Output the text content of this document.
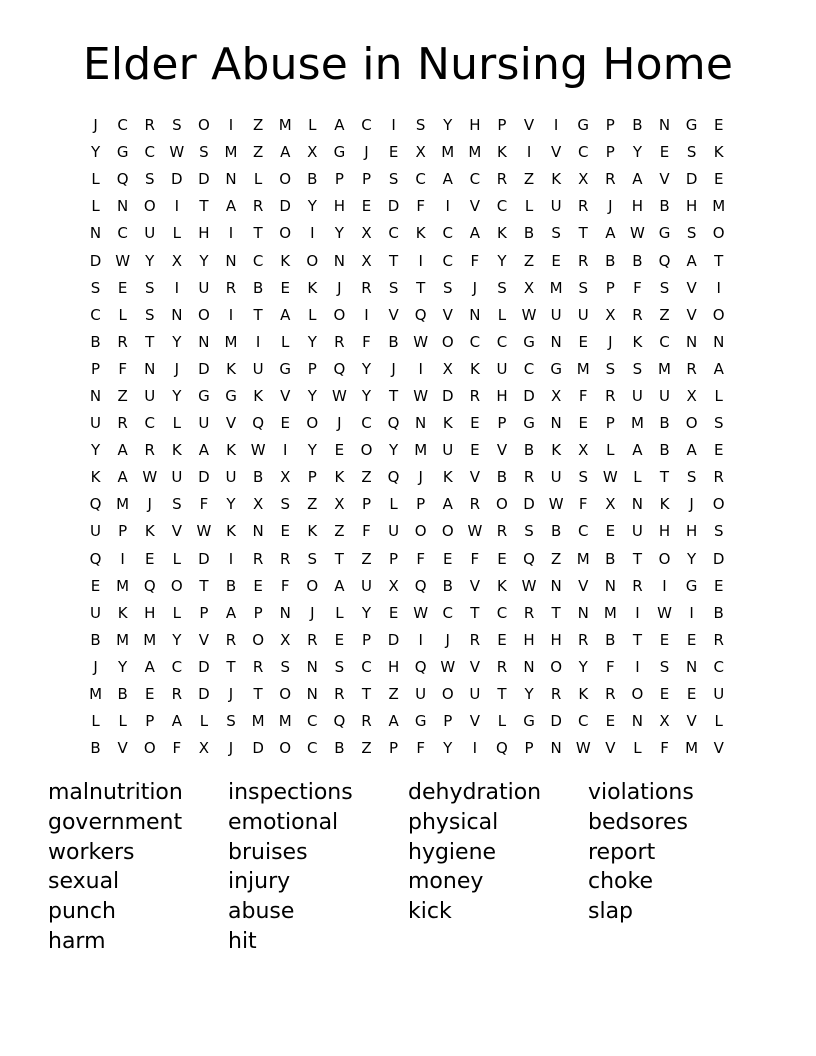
Elder Abuse in Nursing Home
J	C	R	S	O	I	Z	M	L	A	C	I	S	Y	H	P	V	I	G	P	B	N	G	E
Y	G	C W S	M	Z	A	X	G	J	E	X	M M	K	I	V	C	P	Y	E	S	K
L	Q	S	D	D	N	L	O	B	P	P	S	C	A	C	R	Z	K	X	R	A	V	D	E
L	N	O	I	T	A	R	D	Y	H	E	D	F	I	V	C	L	U	R	J	H	B	H M
N	C	U	L	H	I	T	O	I	Y	X	C	K	C	A	K	B	S	T	A W G	S	O
D W	Y	X	Y	N	C	K	O	N	X	T	I	C	F	Y	Z	E	R	B	B	Q	A	T
S	E	S	I	U	R	B	E	K	J	R	S	T	S	J	S	X	M	S	P	F	S	V	I
C	L	S	N	O	I	T	A	L	O	I	V	Q	V	N	L	W U	U	X	R	Z	V	O
B	R	T	Y	N	M	I	L	Y	R	F	B W O	C	C	G	N	E	J	K	C	N	N
P	F	N	J	D	K	U	G	P	Q	Y	J	I	X	K	U	C	G M	S	S	M	R	A
N	Z	U	Y	G	G	K	V	Y	W	Y	T	W D	R	H	D	X	F	R	U	U	X	L
U	R	C	L	U	V	Q	E	O	J	C	Q	N	K	E	P	G	N	E	P	M	B	O	S
Y	A	R	K	A	K W	I	Y	E	O	Y	M	U	E	V	B	K	X	L	A	B	A	E
K	A W U	D	U	B	X	P	K	Z	Q	J	K	V	B	R	U	S W	L	T	S	R
Q M	J	S	F	Y	X	S	Z	X	P	L	P	A	R	O	D W	F	X	N	K	J	O
U	P	K	V W K	N	E	K	Z	F	U	O	O W R	S	B	C	E	U	H	H	S
Q	I	E	L	D	I	R	R	S	T	Z	P	F	E	F	E	Q	Z	M	B	T	O	Y	D
E	M Q	O	T	B	E	F	O	A	U	X	Q	B	V	K W N	V	N	R	I	G	E
U	K	H	L	P	A	P	N	J	L	Y	E W C	T	C	R	T	N	M	I	W	I	B
B	M M	Y	V	R	O	X	R	E	P	D	I	J	R	E	H	H	R	B	T	E	E	R
J	Y	A	C	D	T	R	S	N	S	C	H	Q W V	R	N	O	Y	F	I	S	N	C
M	B	E	R	D	J	T	O	N	R	T	Z	U	O	U	T	Y	R	K	R	O	E	E	U
L	L	P	A	L	S	M M	C	Q	R	A	G	P	V	L	G	D	C	E	N	X	V	L
B	V	O	F	X	J	D	O	C	B	Z	P	F	Y	I	Q	P	N W V	L	F	M	V
malnutrition	inspections	dehydration	violations
government	emotional	physical	bedsores
workers	bruises	hygiene	report
sexual	injury	money	choke
punch	abuse	kick	slap
harm	hit
